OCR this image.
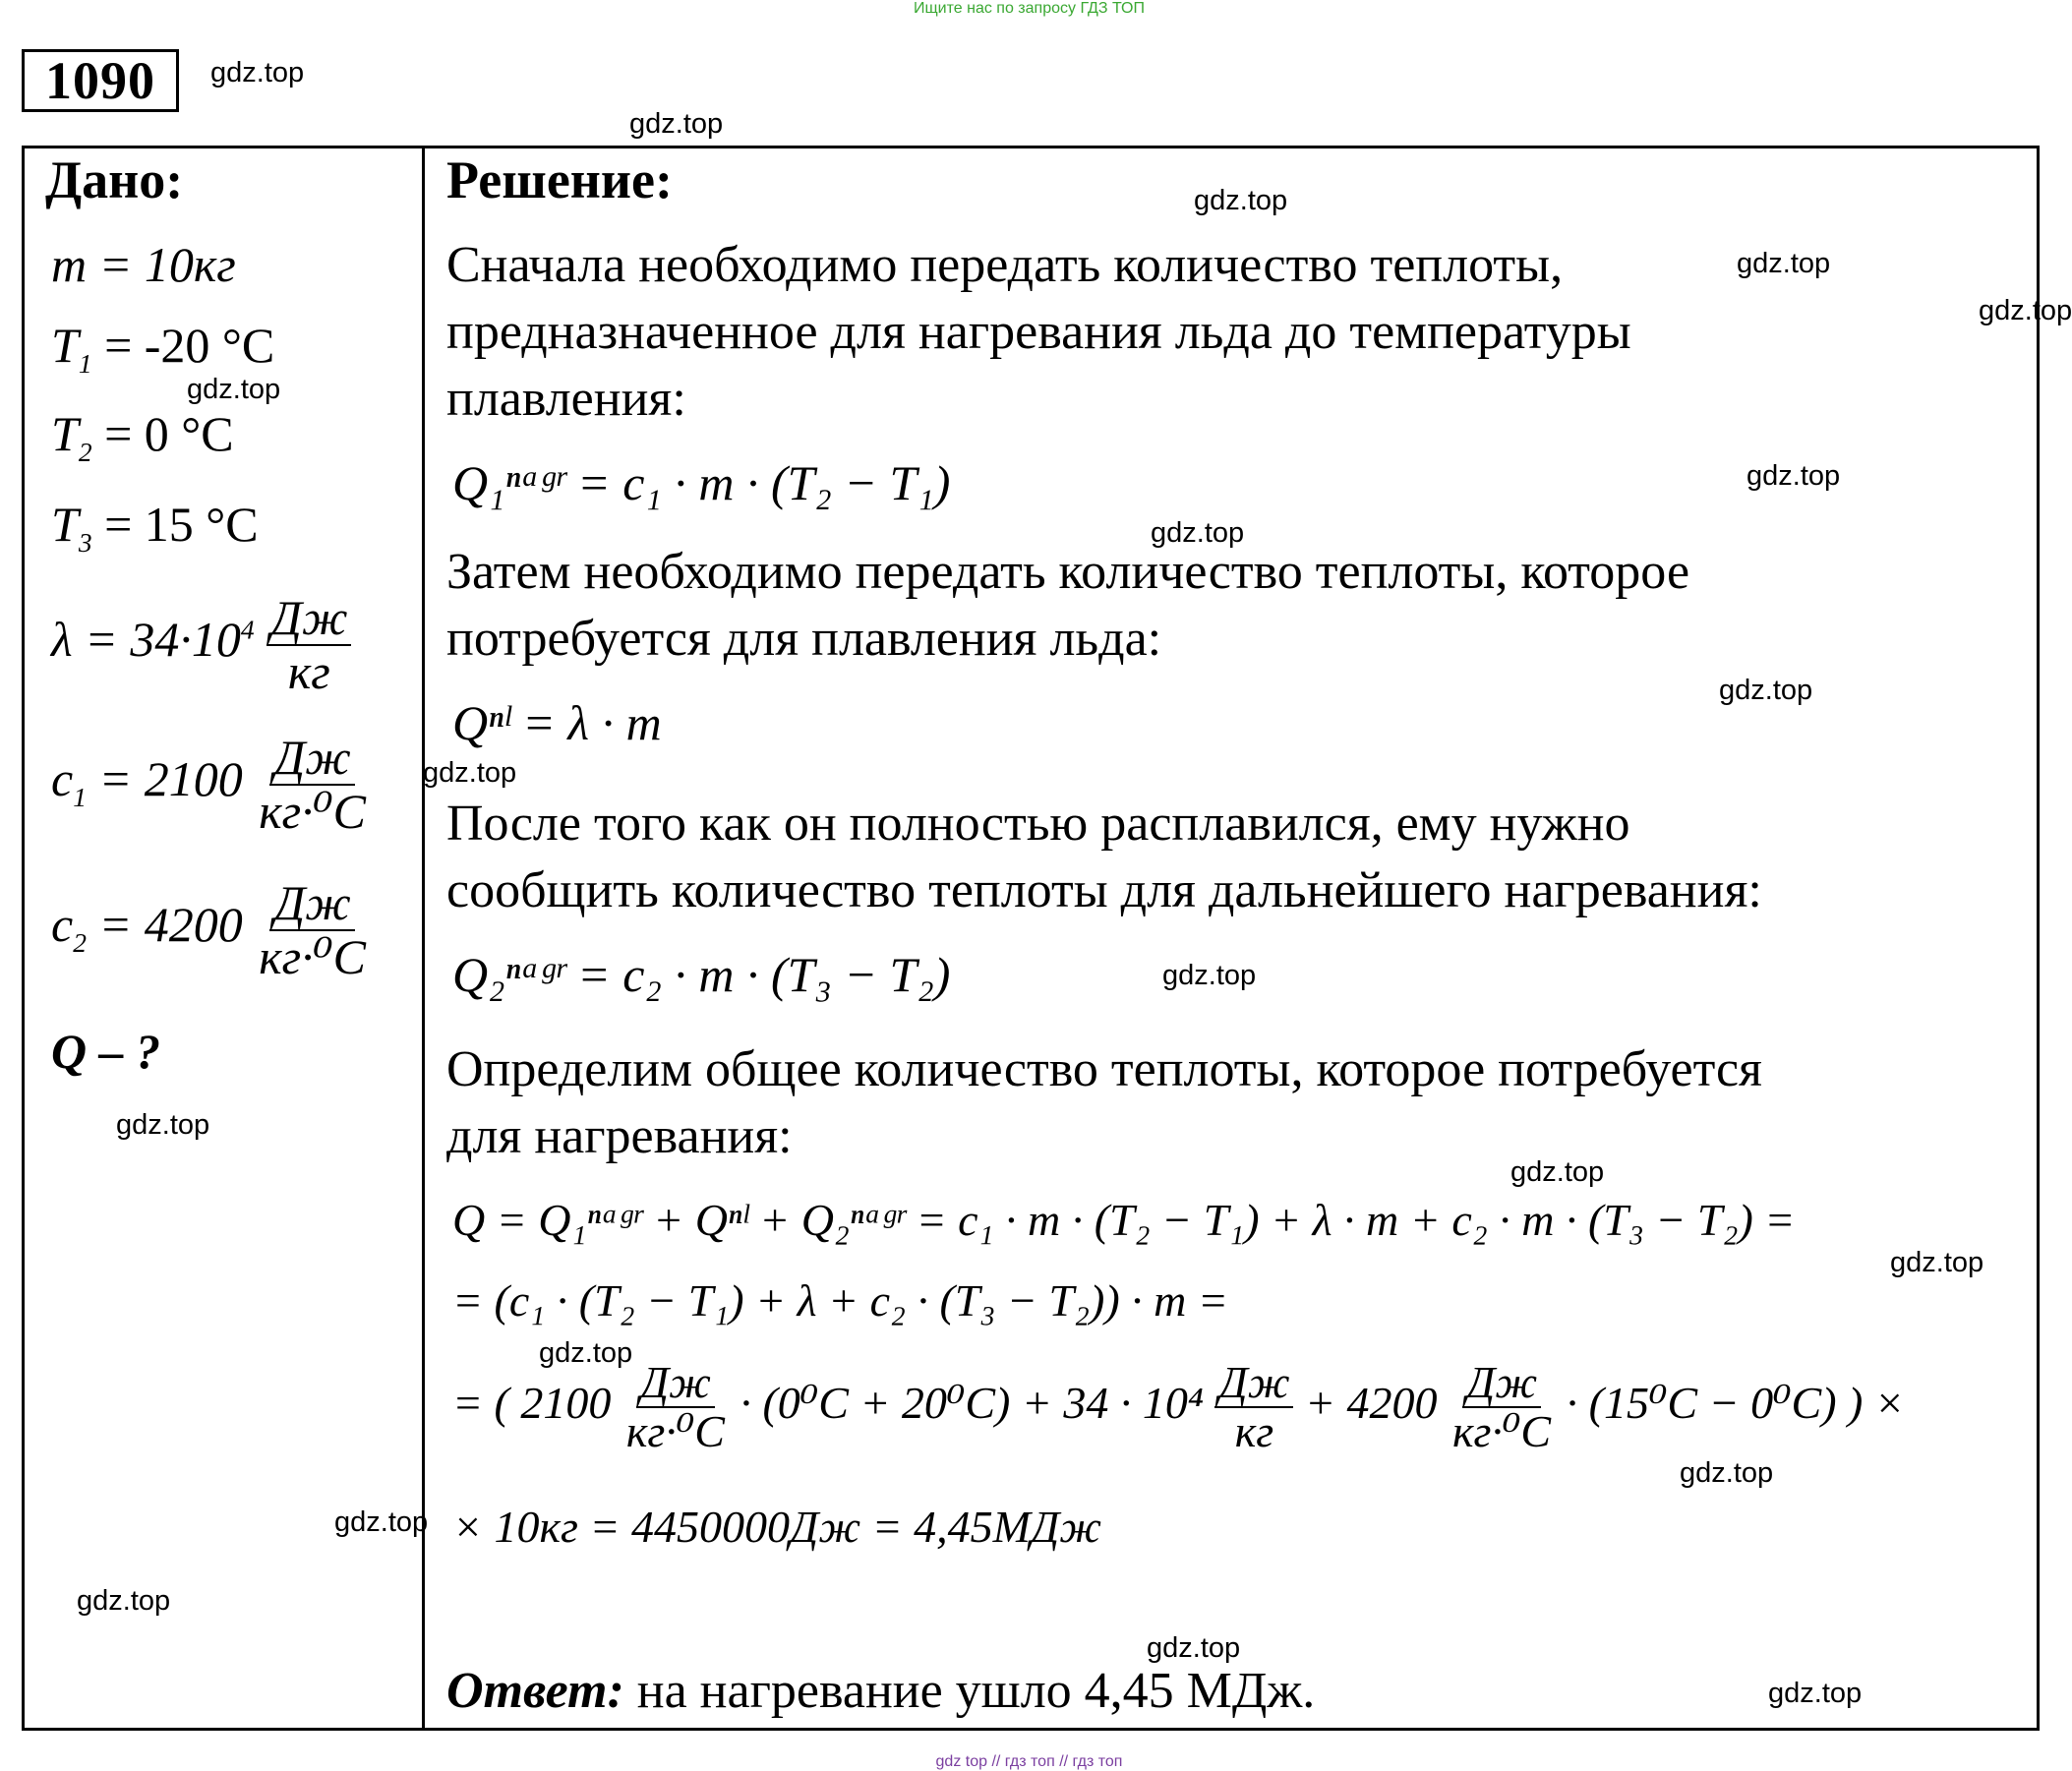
Ищите нас по запросу ГДЗ ТОП
1090
Дано:
m = 10кг
$T_1 = -20$ °C
$T_2 = 0$ °C
$T_3 = 15$ °C
$\lambda = 34\cdot 10^4 \frac{Дж}{кг}$
$c_1 = 2100 \frac{Дж}{\text{кг·⁰C}}$
$c_2 = 4200 \frac{Дж}{\text{кг·⁰C}}$
Q – ?
Решение:
Сначала необходимо передать количество теплоты,
предназначенное для нагревания льда до температуры
плавления:
Q₁ⁿᵃᵍʳ = c₁ · m · (T₂ − T₁)
Затем необходимо передать количество теплоты, которое
потребуется для плавления льда:
Qⁿˡ = λ · m
После того как он полностью расплавился, ему нужно
сообщить количество теплоты для дальнейшего нагревания:
Q₂ⁿᵃᵍʳ = c₂ · m · (T₃ − T₂)
Определим общее количество теплоты, которое потребуется
для нагревания:
Q = Q₁ⁿᵃᵍʳ + Qⁿˡ + Q₂ⁿᵃᵍʳ = c₁ · m · (T₂ − T₁) + λ · m + c₂ · m · (T₃ − T₂) =
= (c₁ · (T₂ − T₁) + λ + c₂ · (T₃ − T₂)) · m =
= ( $2100 \frac{Дж}{\text{кг·⁰C}} \cdot (0^0C + 20^0C) + 34 \cdot 10^4 \frac{Дж}{кг} + 4200 \frac{Дж}{\text{кг·⁰C}} \cdot (15^0C - 0^0C)$ ) ×
× 10кг = 4450000Дж = 4,45МДж
Ответ: на нагревание ушло 4,45 МДж.
gdz.top
gdz.top
gdz.top
gdz.top
gdz.top
gdz.top
gdz.top
gdz.top
gdz.top
gdz.top
gdz.top
gdz.top
gdz.top
gdz.top
gdz.top
gdz.top
gdz.top
gdz.top
gdz.top
gdz.top
gdz top // гдз топ // гдз топ
